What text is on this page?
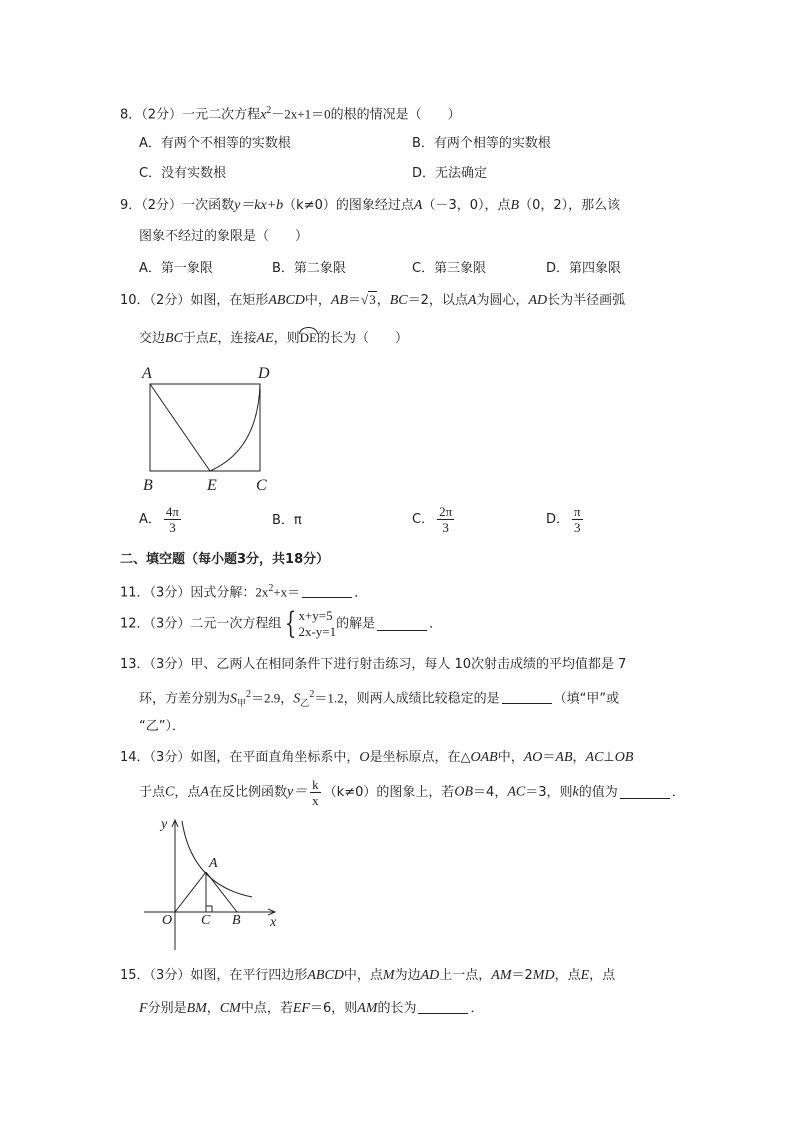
8．（2分）一元二次方程$x^2-2x+1=0$的根的情况是（　　）
A．有两个不相等的实数根	B．有两个相等的实数根
C．没有实数根	D．无法确定
9．（2分）一次函数y＝kx+b（k≠0）的图象经过点A（－3，0），点B（0，2），那么该
图象不经过的象限是（　　）
A．第一象限	B．第二象限	C．第三象限	D．第四象限
10．（2分）如图，在矩形ABCD中，AB＝√3，BC＝2，以点A为圆心，AD长为半径画弧
交边BC于点E，连接AE，则DE的长为（　　）
A	D
B	E C
A． $\frac{4\pi}{3}$	B．π	C． $\frac{2\pi}{3}$	D． $\frac{\pi}{3}$
二、填空题（每小题3分，共18分）
11．（3分）因式分解：$2x^2+x=$	．
12．（3分）二元一次方程组 { x+y=5
2x-y=1 的解是	．
13．（3分）甲、乙两人在相同条件下进行射击练习，每人 10次射击成绩的平均值都是 7
环，方差分别为$S_甲^2=2.9$，$S_乙^2=1.2$，则两人成绩比较稳定的是	（填“甲”或
“乙”）．
14．（3分）如图，在平面直角坐标系中，O是坐标原点，在△OAB中，AO＝AB，AC⊥OB
于点C，点A在反比例函数$y= \frac{k}{x} (k\ne 0)$的图象上，若OB＝4，AC＝3，则k的值为	．
y
x
O C B
A
15．（3分）如图，在平行四边形ABCD中，点M为边AD上一点，AM＝2MD，点E，点
F分别是BM，CM中点，若EF＝6，则AM的长为	．
